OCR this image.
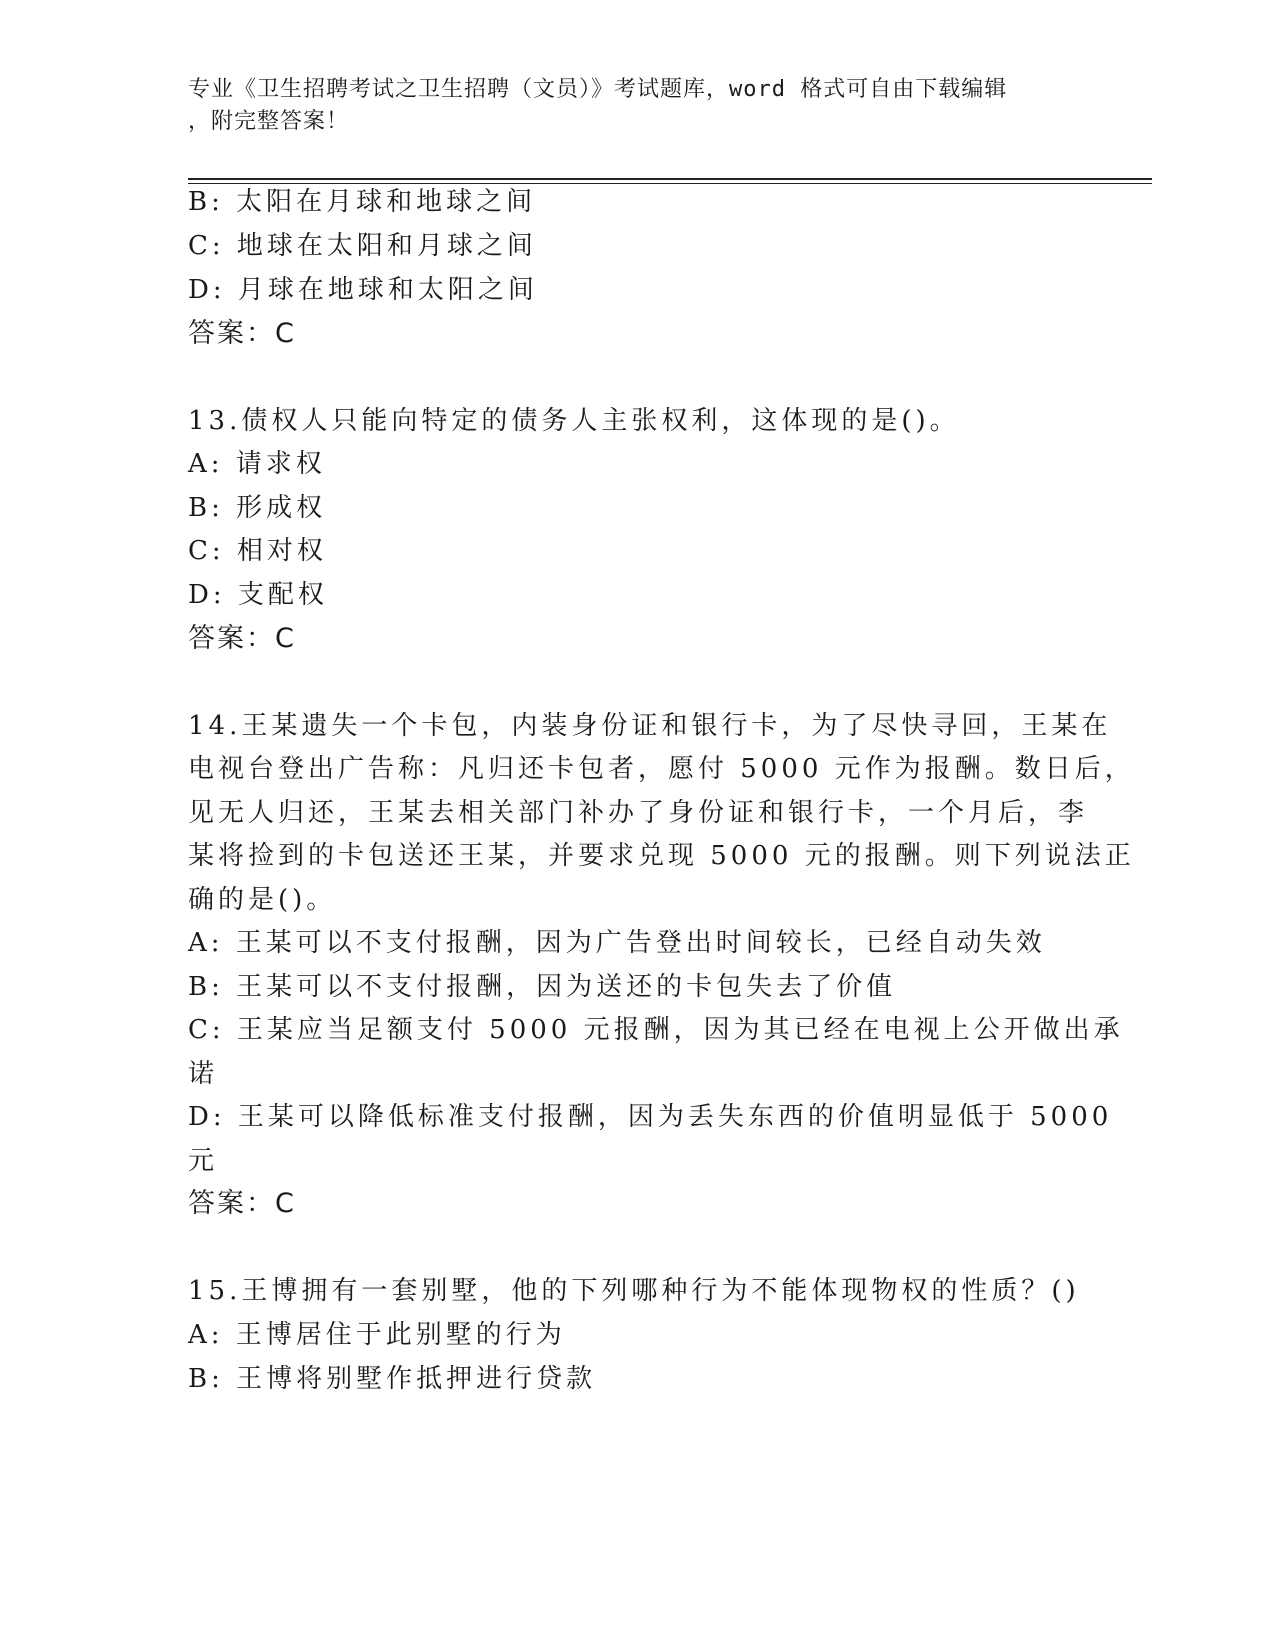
专业《卫生招聘考试之卫生招聘（文员）》考试题库，word 格式可自由下载编辑
，附完整答案！
B: 太阳在月球和地球之间
C: 地球在太阳和月球之间
D: 月球在地球和太阳之间
答案：C
13.债权人只能向特定的债务人主张权利，这体现的是()。
A: 请求权
B: 形成权
C: 相对权
D: 支配权
答案：C
14.王某遗失一个卡包，内装身份证和银行卡，为了尽快寻回，王某在
电视台登出广告称：凡归还卡包者，愿付 5000 元作为报酬。数日后，
见无人归还，王某去相关部门补办了身份证和银行卡，一个月后，李
某将捡到的卡包送还王某，并要求兑现 5000 元的报酬。则下列说法正
确的是()。
A: 王某可以不支付报酬，因为广告登出时间较长，已经自动失效
B: 王某可以不支付报酬，因为送还的卡包失去了价值
C: 王某应当足额支付 5000 元报酬，因为其已经在电视上公开做出承
诺
D: 王某可以降低标准支付报酬，因为丢失东西的价值明显低于 5000
元
答案：C
15.王博拥有一套别墅，他的下列哪种行为不能体现物权的性质？()
A: 王博居住于此别墅的行为
B: 王博将别墅作抵押进行贷款
